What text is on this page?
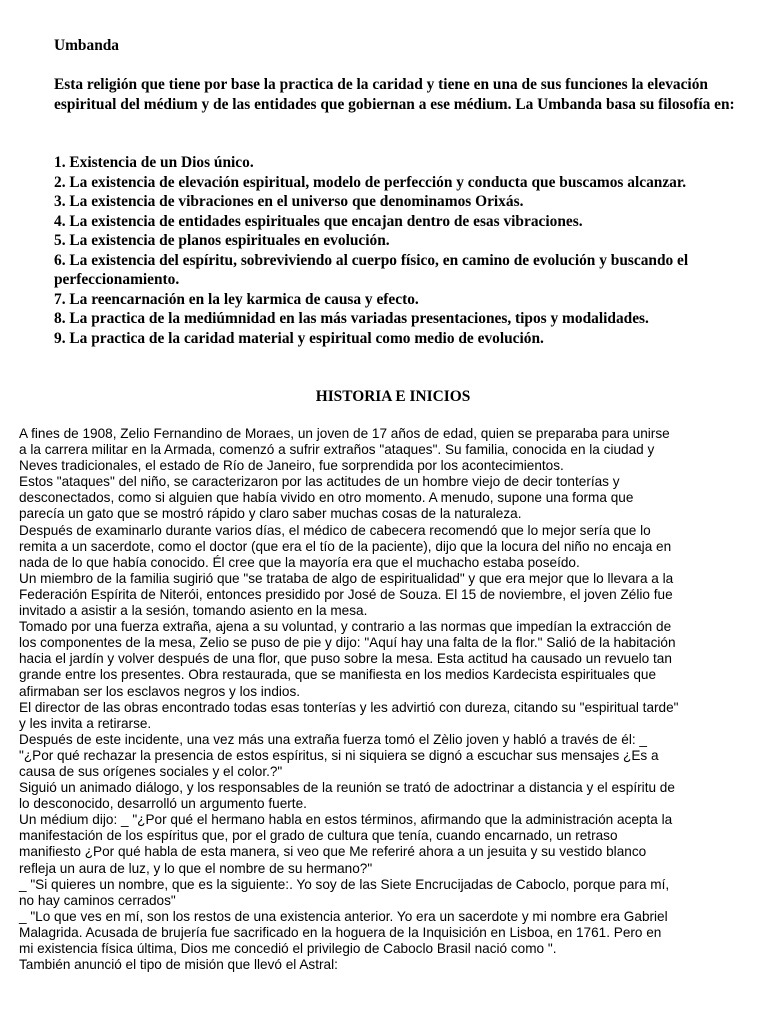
Umbanda

Esta religión que tiene por base la practica de la caridad y tiene en una de sus funciones la elevación espiritual del médium y de las entidades que gobiernan a ese médium. La Umbanda basa su filosofía en:

1. Existencia de un Dios único.
2. La existencia de elevación espiritual, modelo de perfección y conducta que buscamos alcanzar.
3. La existencia de vibraciones en el universo que denominamos Orixás.
4. La existencia de entidades espirituales que encajan dentro de esas vibraciones.
5. La existencia de planos espirituales en evolución.
6. La existencia del espíritu, sobreviviendo al cuerpo físico, en camino de evolución y buscando el perfeccionamiento.
7. La reencarnación en la ley karmica de causa y efecto.
8. La practica de la mediúmnidad en las más variadas presentaciones, tipos y modalidades.
9. La practica de la caridad material y espiritual como medio de evolución.
HISTORIA E INICIOS
A fines de 1908, Zelio Fernandino de Moraes, un joven de 17 años de edad, quien se preparaba para unirse
a la carrera militar en la Armada, comenzó a sufrir extraños "ataques". Su familia, conocida en la ciudad y
Neves tradicionales, el estado de Río de Janeiro, fue sorprendida por los acontecimientos.
Estos "ataques" del niño, se caracterizaron por las actitudes de un hombre viejo de decir tonterías y
desconectados, como si alguien que había vivido en otro momento. A menudo, supone una forma que
parecía un gato que se mostró rápido y claro saber muchas cosas de la naturaleza.
Después de examinarlo durante varios días, el médico de cabecera recomendó que lo mejor sería que lo
remita a un sacerdote, como el doctor (que era el tío de la paciente), dijo que la locura del niño no encaja en
nada de lo que había conocido. Él cree que la mayoría era que el muchacho estaba poseído.
Un miembro de la familia sugirió que "se trataba de algo de espiritualidad" y que era mejor que lo llevara a la
Federación Espírita de Niterói, entonces presidido por José de Souza. El 15 de noviembre, el joven Zélio fue
invitado a asistir a la sesión, tomando asiento en la mesa.
Tomado por una fuerza extraña, ajena a su voluntad, y contrario a las normas que impedían la extracción de
los componentes de la mesa, Zelio se puso de pie y dijo: "Aquí hay una falta de la flor." Salió de la habitación
hacia el jardín y volver después de una flor, que puso sobre la mesa. Esta actitud ha causado un revuelo tan
grande entre los presentes. Obra restaurada, que se manifiesta en los medios Kardecista espirituales que
afirmaban ser los esclavos negros y los indios.
El director de las obras encontrado todas esas tonterías y les advirtió con dureza, citando su "espiritual tarde"
y les invita a retirarse.
Después de este incidente, una vez más una extraña fuerza tomó el Zèlio joven y habló a través de él: _
"¿Por qué rechazar la presencia de estos espíritus, si ni siquiera se dignó a escuchar sus mensajes ¿Es a
causa de sus orígenes sociales y el color.?"
Siguió un animado diálogo, y los responsables de la reunión se trató de adoctrinar a distancia y el espíritu de
lo desconocido, desarrolló un argumento fuerte.
Un médium dijo: _ "¿Por qué el hermano habla en estos términos, afirmando que la administración acepta la
manifestación de los espíritus que, por el grado de cultura que tenía, cuando encarnado, un retraso
manifiesto ¿Por qué habla de esta manera, si veo que Me referiré ahora a un jesuita y su vestido blanco
refleja un aura de luz, y lo que el nombre de su hermano?"
_ "Si quieres un nombre, que es la siguiente:. Yo soy de las Siete Encrucijadas de Caboclo, porque para mí,
no hay caminos cerrados"
_ "Lo que ves en mí, son los restos de una existencia anterior. Yo era un sacerdote y mi nombre era Gabriel
Malagrida. Acusada de brujería fue sacrificado en la hoguera de la Inquisición en Lisboa, en 1761. Pero en
mi existencia física última, Dios me concedió el privilegio de Caboclo Brasil nació como ".
También anunció el tipo de misión que llevó el Astral:
